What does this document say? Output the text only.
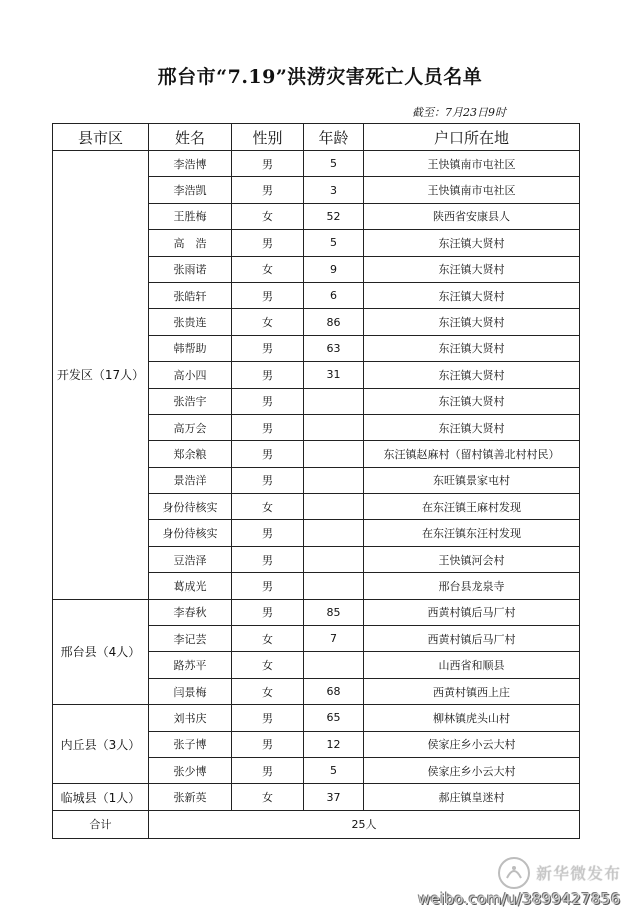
邢台市“7.19”洪涝灾害死亡人员名单
截至：7月23日9时
县市区	姓名	性别	年龄	户口所在地
开发区（17人）	李浩博	男	5	王快镇南市屯社区
	李浩凯	男	3	王快镇南市屯社区
	王胜梅	女	52	陕西省安康县人
	高　浩	男	5	东汪镇大贤村
	张雨诺	女	9	东汪镇大贤村
	张皓轩	男	6	东汪镇大贤村
	张贵连	女	86	东汪镇大贤村
	韩帮助	男	63	东汪镇大贤村
	高小四	男	31	东汪镇大贤村
	张浩宇	男		东汪镇大贤村
	高万会	男		东汪镇大贤村
	郑余粮	男		东汪镇赵麻村（留村镇善北村村民）
	景浩洋	男		东旺镇景家屯村
	身份待核实	女		在东汪镇王麻村发现
	身份待核实	男		在东汪镇东汪村发现
	豆浩泽	男		王快镇河会村
	葛成光	男		邢台县龙泉寺
邢台县（4人）	李春秋	男	85	西黄村镇后马厂村
	李记芸	女	7	西黄村镇后马厂村
	路苏平	女		山西省和顺县
	闫景梅	女	68	西黄村镇西上庄
内丘县（3人）	刘书庆	男	65	柳林镇虎头山村
	张子博	男	12	侯家庄乡小云大村
	张少博	男	5	侯家庄乡小云大村
临城县（1人）	张新英	女	37	郝庄镇皇迷村
合计	25人			
新华微发布
weibo.com/u/3899427856
